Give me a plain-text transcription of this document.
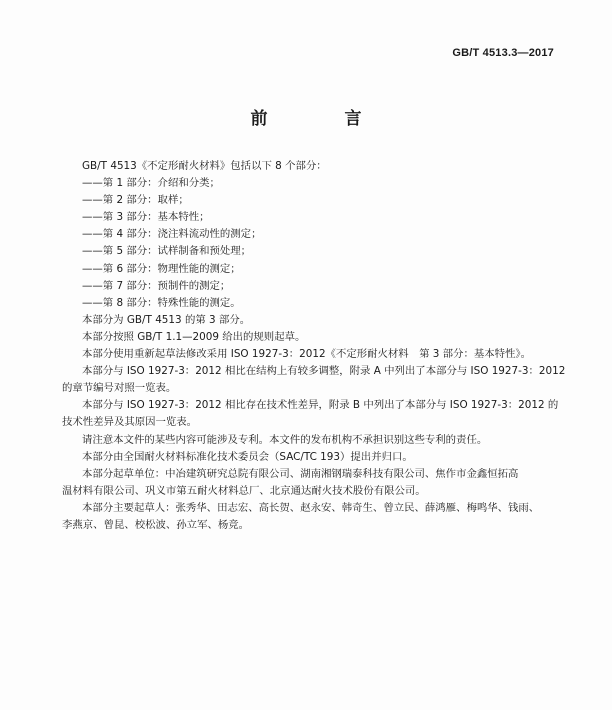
GB/T 4513.3—2017
前　言
GB/T 4513《不定形耐火材料》包括以下 8 个部分：
——第 1 部分：介绍和分类；
——第 2 部分：取样；
——第 3 部分：基本特性；
——第 4 部分：浇注料流动性的测定；
——第 5 部分：试样制备和预处理；
——第 6 部分：物理性能的测定；
——第 7 部分：预制件的测定；
——第 8 部分：特殊性能的测定。
本部分为 GB/T 4513 的第 3 部分。
本部分按照 GB/T 1.1—2009 给出的规则起草。
本部分使用重新起草法修改采用 ISO 1927-3：2012《不定形耐火材料　第 3 部分：基本特性》。
本部分与 ISO 1927-3：2012 相比在结构上有较多调整，附录 A 中列出了本部分与 ISO 1927-3：2012
的章节编号对照一览表。
本部分与 ISO 1927-3：2012 相比存在技术性差异，附录 B 中列出了本部分与 ISO 1927-3：2012 的
技术性差异及其原因一览表。
请注意本文件的某些内容可能涉及专利。本文件的发布机构不承担识别这些专利的责任。
本部分由全国耐火材料标准化技术委员会（SAC/TC 193）提出并归口。
本部分起草单位：中冶建筑研究总院有限公司、湖南湘钢瑞泰科技有限公司、焦作市金鑫恒拓高
温材料有限公司、巩义市第五耐火材料总厂、北京通达耐火技术股份有限公司。
本部分主要起草人：张秀华、田志宏、高长贺、赵永安、韩奇生、曾立民、薛鸿雁、梅鸣华、钱雨、
李燕京、曾昆、校松波、孙立军、杨竞。
